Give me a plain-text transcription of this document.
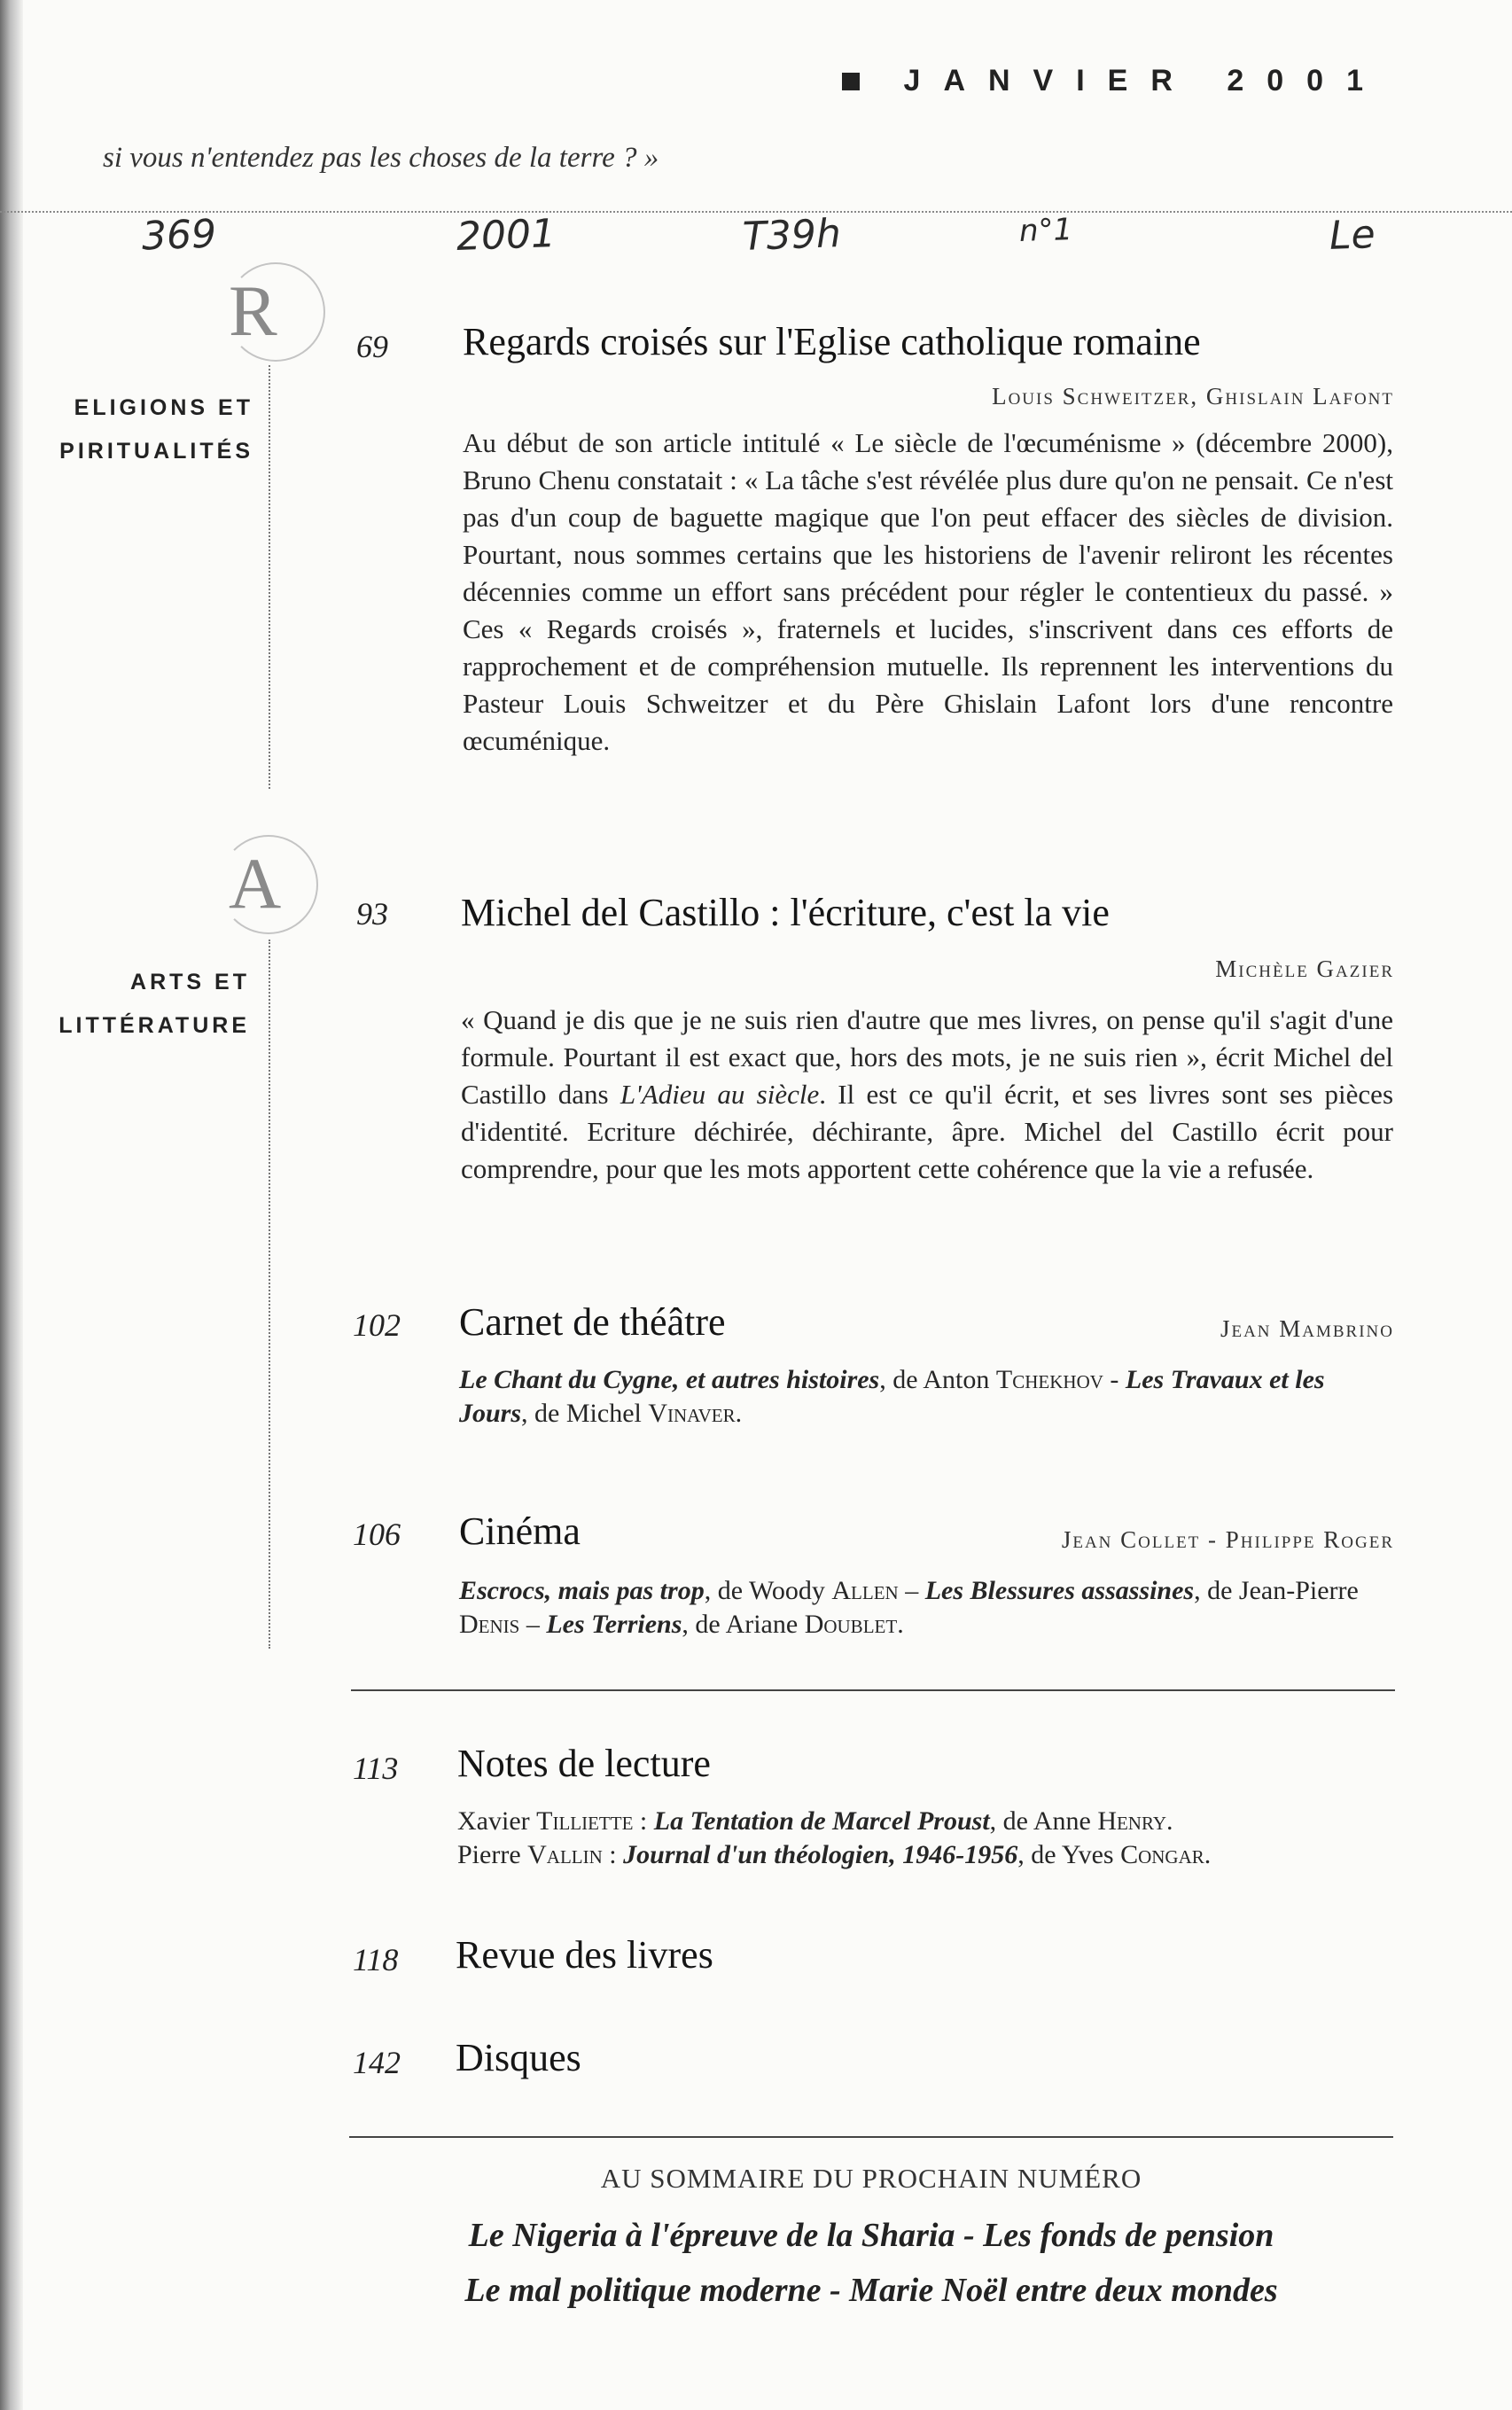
JANVIER 2001
si vous n'entendez pas les choses de la terre ? »
369	2001	T39h	n°1	Le
R
ELIGIONS ET
PIRITUALITÉS
69 Regards croisés sur l'Eglise catholique romaine
Louis Schweitzer, Ghislain Lafont
Au début de son article intitulé « Le siècle de l'œcuménisme » (décembre 2000), Bruno Chenu constatait : « La tâche s'est révélée plus dure qu'on ne pensait. Ce n'est pas d'un coup de baguette magique que l'on peut effacer des siècles de division. Pourtant, nous sommes certains que les historiens de l'avenir reliront les récentes décennies comme un effort sans précédent pour régler le contentieux du passé. » Ces « Regards croisés », fraternels et lucides, s'inscrivent dans ces efforts de rapprochement et de compréhension mutuelle. Ils reprennent les interventions du Pasteur Louis Schweitzer et du Père Ghislain Lafont lors d'une rencontre œcuménique.
A
ARTS ET
LITTÉRATURE
93 Michel del Castillo : l'écriture, c'est la vie
Michèle Gazier
« Quand je dis que je ne suis rien d'autre que mes livres, on pense qu'il s'agit d'une formule. Pourtant il est exact que, hors des mots, je ne suis rien », écrit Michel del Castillo dans L'Adieu au siècle. Il est ce qu'il écrit, et ses livres sont ses pièces d'identité. Ecriture déchirée, déchirante, âpre. Michel del Castillo écrit pour comprendre, pour que les mots apportent cette cohérence que la vie a refusée.
102 Carnet de théâtre	Jean Mambrino
Le Chant du Cygne, et autres histoires, de Anton Tchekhov - Les Travaux et les Jours, de Michel Vinaver.
106 Cinéma	Jean Collet - Philippe Roger
Escrocs, mais pas trop, de Woody Allen – Les Blessures assassines, de Jean-Pierre Denis – Les Terriens, de Ariane Doublet.
113 Notes de lecture
Xavier Tilliette : La Tentation de Marcel Proust, de Anne Henry.
Pierre Vallin : Journal d'un théologien, 1946-1956, de Yves Congar.
118 Revue des livres
142 Disques
AU SOMMAIRE DU PROCHAIN NUMÉRO
Le Nigeria à l'épreuve de la Sharia - Les fonds de pension
Le mal politique moderne - Marie Noël entre deux mondes
